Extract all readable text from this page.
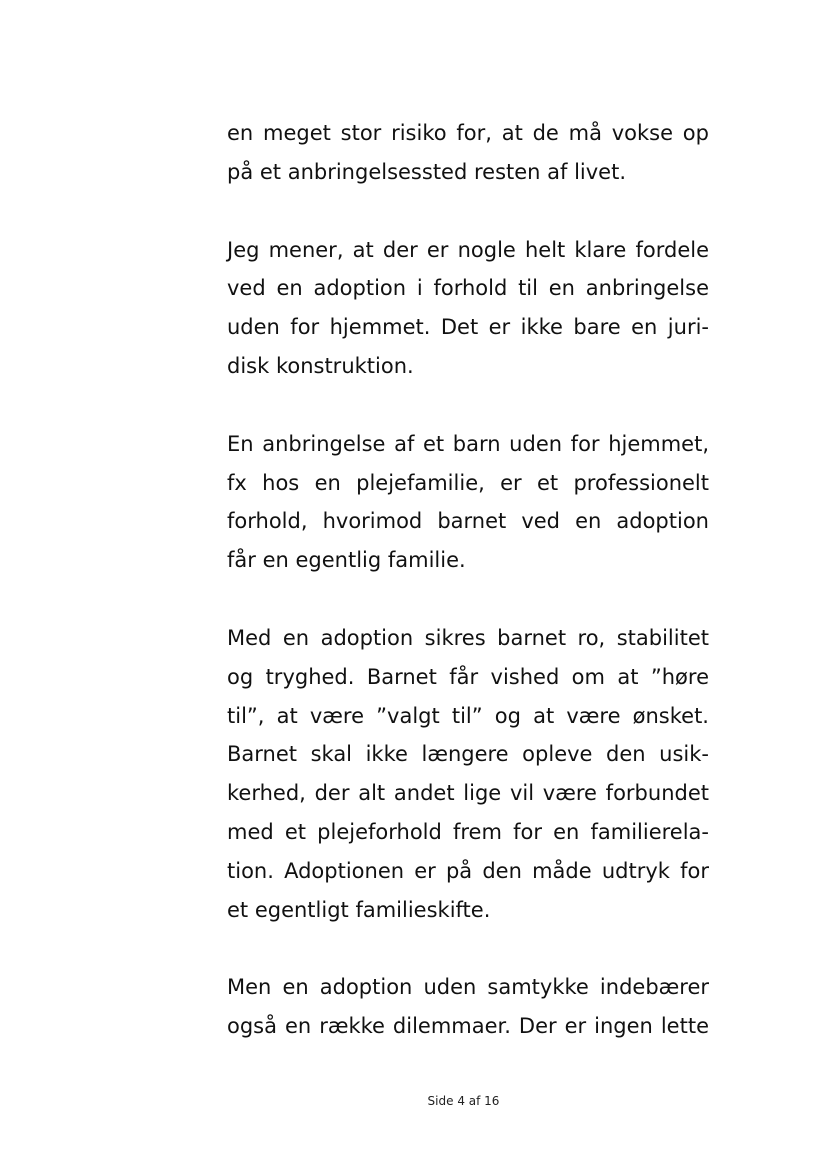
en meget stor risiko for, at de må vokse op
på et anbringelsessted resten af livet.
Jeg mener, at der er nogle helt klare fordele
ved en adoption i forhold til en anbringelse
uden for hjemmet. Det er ikke bare en juri-
disk konstruktion.
En anbringelse af et barn uden for hjemmet,
fx hos en plejefamilie, er et professionelt
forhold, hvorimod barnet ved en adoption
får en egentlig familie.
Med en adoption sikres barnet ro, stabilitet
og tryghed. Barnet får vished om at ”høre
til”, at være ”valgt til” og at være ønsket.
Barnet skal ikke længere opleve den usik-
kerhed, der alt andet lige vil være forbundet
med et plejeforhold frem for en familierela-
tion. Adoptionen er på den måde udtryk for
et egentligt familieskifte.
Men en adoption uden samtykke indebærer
også en række dilemmaer. Der er ingen lette
Side 4 af 16
